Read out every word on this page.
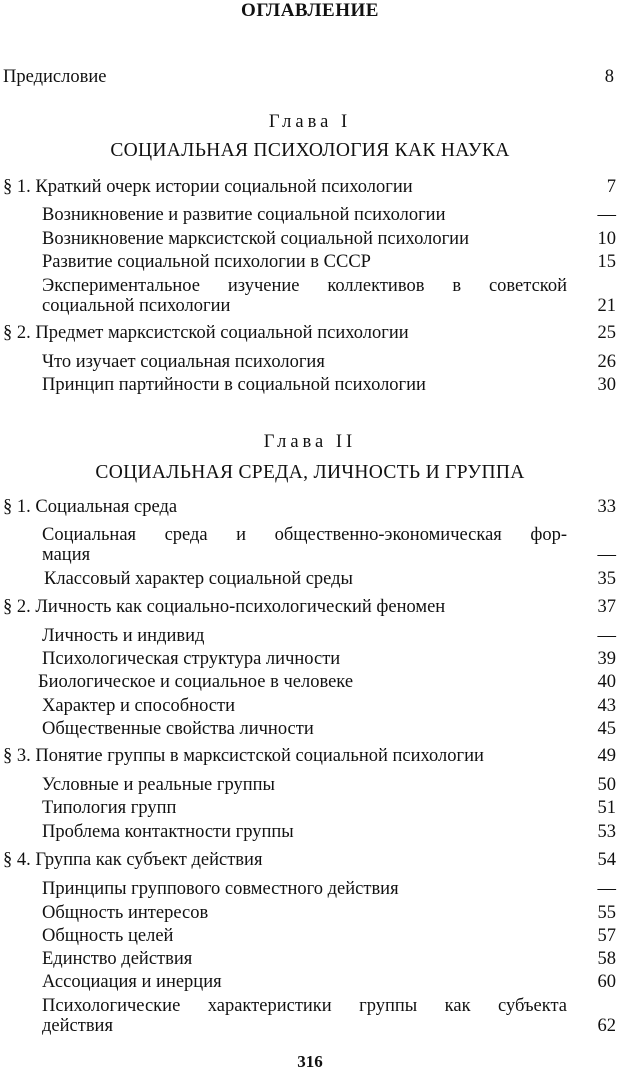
ОГЛАВЛЕНИЕ
Предисловие	8
Глава I
СОЦИАЛЬНАЯ ПСИХОЛОГИЯ КАК НАУКА
§ 1. Краткий очерк истории социальной психологии	7
Возникновение и развитие социальной психологии	—
Возникновение марксистской социальной психологии	10
Развитие социальной психологии в СССР	15
Экспериментальное изучение коллективов в советской
социальной психологии	21
§ 2. Предмет марксистской социальной психологии	25
Что изучает социальная психология	26
Принцип партийности в социальной психологии	30
Глава II
СОЦИАЛЬНАЯ СРЕДА, ЛИЧНОСТЬ И ГРУППА
§ 1. Социальная среда	33
Социальная среда и общественно-экономическая фор-
мация	—
Классовый характер социальной среды	35
§ 2. Личность как социально-психологический феномен	37
Личность и индивид	—
Психологическая структура личности	39
Биологическое и социальное в человеке	40
Характер и способности	43
Общественные свойства личности	45
§ 3. Понятие группы в марксистской социальной психологии	49
Условные и реальные группы	50
Типология групп	51
Проблема контактности группы	53
§ 4. Группа как субъект действия	54
Принципы группового совместного действия	—
Общность интересов	55
Общность целей	57
Единство действия	58
Ассоциация и инерция	60
Психологические характеристики группы как субъекта
действия	62
316
